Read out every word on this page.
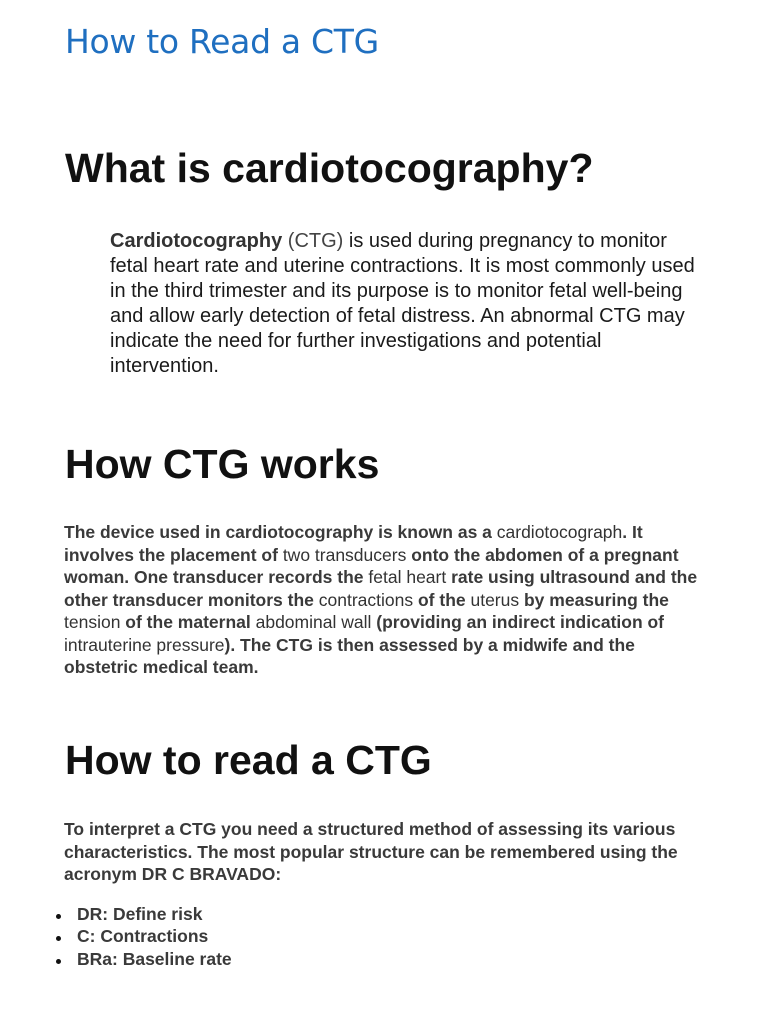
How to Read a CTG
What is cardiotocography?

Cardiotocography (CTG) is used during pregnancy to monitor fetal heart rate and uterine contractions. It is most commonly used in the third trimester and its purpose is to monitor fetal well-being and allow early detection of fetal distress. An abnormal CTG may indicate the need for further investigations and potential intervention.

How CTG works

The device used in cardiotocography is known as a cardiotocograph. It involves the placement of two transducers onto the abdomen of a pregnant woman. One transducer records the fetal heart rate using ultrasound and the other transducer monitors the contractions of the uterus by measuring the tension of the maternal abdominal wall (providing an indirect indication of intrauterine pressure). The CTG is then assessed by a midwife and the obstetric medical team.

How to read a CTG

To interpret a CTG you need a structured method of assessing its various characteristics. The most popular structure can be remembered using the acronym DR C BRAVADO:

DR: Define risk
C: Contractions
BRa: Baseline rate
